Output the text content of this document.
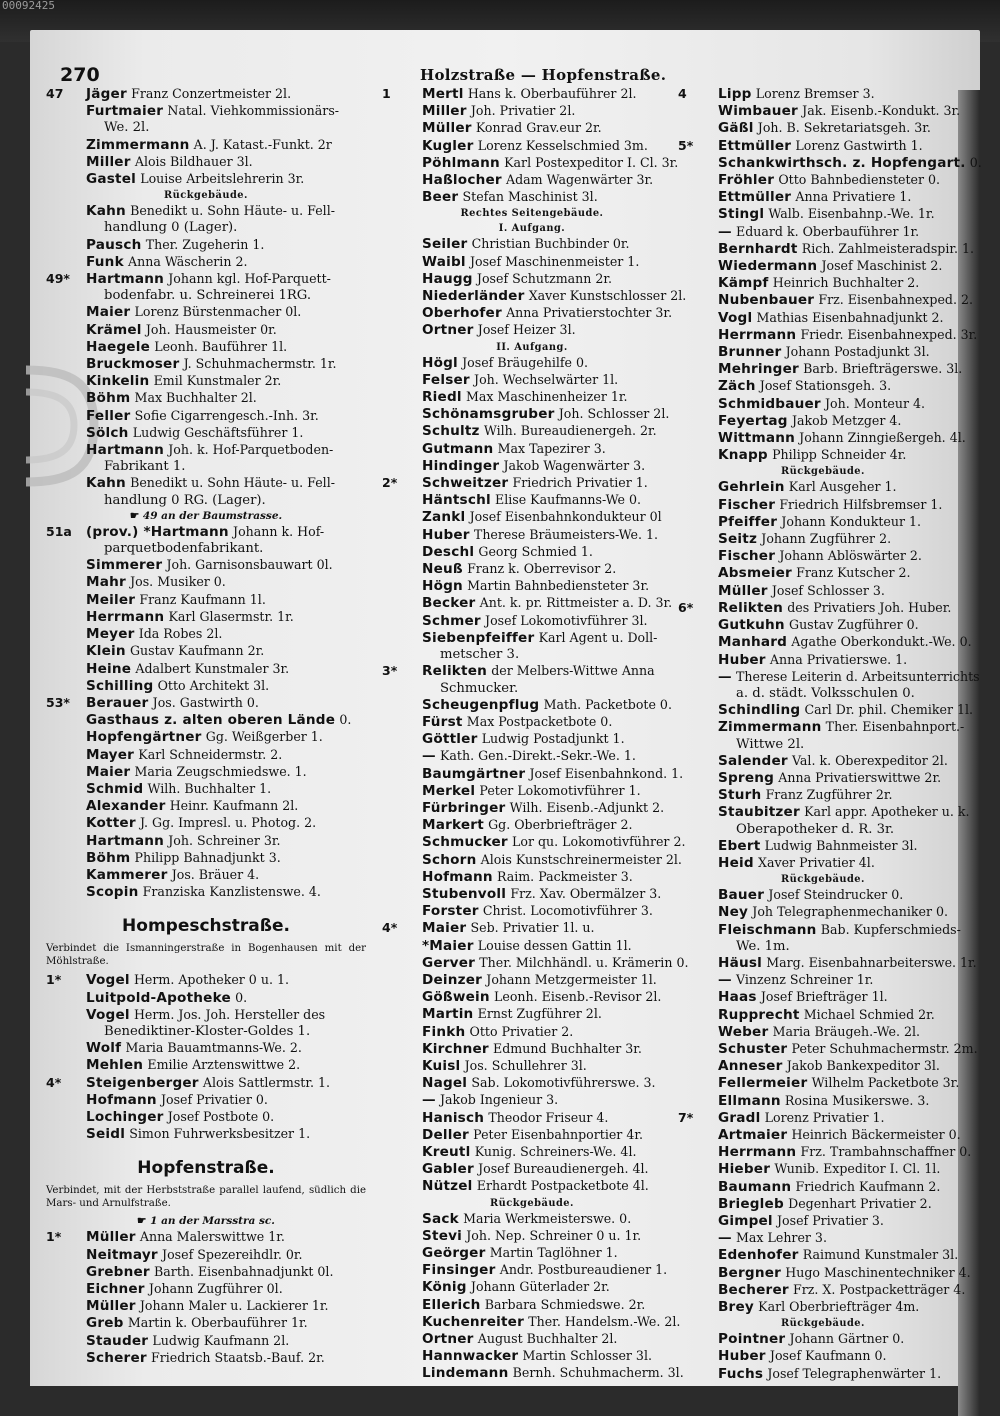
00092425
270	Holzstraße — Hopfenstraße.
47Jäger Franz Conzertmeister 2l.
Furtmaier Natal. Viehkommissionärs-
We. 2l.
Zimmermann A. J. Katast.-Funkt. 2r
Miller Alois Bildhauer 3l.
Gastel Louise Arbeitslehrerin 3r.
Rückgebäude.
Kahn Benedikt u. Sohn Häute- u. Fell-
handlung 0 (Lager).
Pausch Ther. Zugeherin 1.
Funk Anna Wäscherin 2.
49*Hartmann Johann kgl. Hof-Parquett-
bodenfabr. u. Schreinerei 1RG.
Maier Lorenz Bürstenmacher 0l.
Krämel Joh. Hausmeister 0r.
Haegele Leonh. Bauführer 1l.
Bruckmoser J. Schuhmachermstr. 1r.
Kinkelin Emil Kunstmaler 2r.
Böhm Max Buchhalter 2l.
Feller Sofie Cigarrengesch.-Inh. 3r.
Sölch Ludwig Geschäftsführer 1.
Hartmann Joh. k. Hof-Parquetboden-
Fabrikant 1.
Kahn Benedikt u. Sohn Häute- u. Fell-
handlung 0 RG. (Lager).
☛ 49 an der Baumstrasse.
51a(prov.) *Hartmann Johann k. Hof-
parquetbodenfabrikant.
Simmerer Joh. Garnisonsbauwart 0l.
Mahr Jos. Musiker 0.
Meiler Franz Kaufmann 1l.
Herrmann Karl Glasermstr. 1r.
Meyer Ida Robes 2l.
Klein Gustav Kaufmann 2r.
Heine Adalbert Kunstmaler 3r.
Schilling Otto Architekt 3l.
53*Berauer Jos. Gastwirth 0.
Gasthaus z. alten oberen Lände 0.
Hopfengärtner Gg. Weißgerber 1.
Mayer Karl Schneidermstr. 2.
Maier Maria Zeugschmiedswe. 1.
Schmid Wilh. Buchhalter 1.
Alexander Heinr. Kaufmann 2l.
Kotter J. Gg. Impresl. u. Photog. 2.
Hartmann Joh. Schreiner 3r.
Böhm Philipp Bahnadjunkt 3.
Kammerer Jos. Bräuer 4.
Scopin Franziska Kanzlistenswe. 4.
Hompeschstraße.
Verbindet die Ismanningerstraße in Bogenhausen mit der Möhlstraße.
1*Vogel Herm. Apotheker 0 u. 1.
Luitpold-Apotheke 0.
Vogel Herm. Jos. Joh. Hersteller des
Benediktiner-Kloster-Goldes 1.
Wolf Maria Bauamtmanns-We. 2.
Mehlen Emilie Arztenswittwe 2.
4*Steigenberger Alois Sattlermstr. 1.
Hofmann Josef Privatier 0.
Lochinger Josef Postbote 0.
Seidl Simon Fuhrwerksbesitzer 1.
Hopfenstraße.
Verbindet, mit der Herbststraße parallel laufend, südlich die Mars- und Arnulfstraße.
☛ 1 an der Marsstra sc.
1*Müller Anna Malerswittwe 1r.
Neitmayr Josef Spezereihdlr. 0r.
Grebner Barth. Eisenbahnadjunkt 0l.
Eichner Johann Zugführer 0l.
Müller Johann Maler u. Lackierer 1r.
Greb Martin k. Oberbauführer 1r.
Stauder Ludwig Kaufmann 2l.
Scherer Friedrich Staatsb.-Bauf. 2r.
1Mertl Hans k. Oberbauführer 2l.
Miller Joh. Privatier 2l.
Müller Konrad Grav.eur 2r.
Kugler Lorenz Kesselschmied 3m.
Pöhlmann Karl Postexpeditor I. Cl. 3r.
Haßlocher Adam Wagenwärter 3r.
Beer Stefan Maschinist 3l.
Rechtes Seitengebäude.
I. Aufgang.
Seiler Christian Buchbinder 0r.
Waibl Josef Maschinenmeister 1.
Haugg Josef Schutzmann 2r.
Niederländer Xaver Kunstschlosser 2l.
Oberhofer Anna Privatierstochter 3r.
Ortner Josef Heizer 3l.
II. Aufgang.
Högl Josef Bräugehilfe 0.
Felser Joh. Wechselwärter 1l.
Riedl Max Maschinenheizer 1r.
Schönamsgruber Joh. Schlosser 2l.
Schultz Wilh. Bureaudienergeh. 2r.
Gutmann Max Tapezirer 3.
Hindinger Jakob Wagenwärter 3.
2*Schweitzer Friedrich Privatier 1.
Häntschl Elise Kaufmanns-We 0.
Zankl Josef Eisenbahnkondukteur 0l
Huber Therese Bräumeisters-We. 1.
Deschl Georg Schmied 1.
Neuß Franz k. Oberrevisor 2.
Högn Martin Bahnbediensteter 3r.
Becker Ant. k. pr. Rittmeister a. D. 3r.
Schmer Josef Lokomotivführer 3l.
Siebenpfeiffer Karl Agent u. Doll-
metscher 3.
3*Relikten der Melbers-Wittwe Anna
Schmucker.
Scheugenpflug Math. Packetbote 0.
Fürst Max Postpacketbote 0.
Göttler Ludwig Postadjunkt 1.
— Kath. Gen.-Direkt.-Sekr.-We. 1.
Baumgärtner Josef Eisenbahnkond. 1.
Merkel Peter Lokomotivführer 1.
Fürbringer Wilh. Eisenb.-Adjunkt 2.
Markert Gg. Oberbriefträger 2.
Schmucker Lor qu. Lokomotivführer 2.
Schorn Alois Kunstschreinermeister 2l.
Hofmann Raim. Packmeister 3.
Stubenvoll Frz. Xav. Obermälzer 3.
Forster Christ. Locomotivführer 3.
4*Maier Seb. Privatier 1l. u.
*Maier Louise dessen Gattin 1l.
Gerver Ther. Milchhändl. u. Krämerin 0.
Deinzer Johann Metzgermeister 1l.
Gößwein Leonh. Eisenb.-Revisor 2l.
Martin Ernst Zugführer 2l.
Finkh Otto Privatier 2.
Kirchner Edmund Buchhalter 3r.
Kuisl Jos. Schullehrer 3l.
Nagel Sab. Lokomotivführerswe. 3.
— Jakob Ingenieur 3.
Hanisch Theodor Friseur 4.
Deller Peter Eisenbahnportier 4r.
Kreutl Kunig. Schreiners-We. 4l.
Gabler Josef Bureaudienergeh. 4l.
Nützel Erhardt Postpacketbote 4l.
Rückgebäude.
Sack Maria Werkmeisterswe. 0.
Stevi Joh. Nep. Schreiner 0 u. 1r.
Geörger Martin Taglöhner 1.
Finsinger Andr. Postbureaudiener 1.
König Johann Güterlader 2r.
Ellerich Barbara Schmiedswe. 2r.
Kuchenreiter Ther. Handelsm.-We. 2l.
Ortner August Buchhalter 2l.
Hannwacker Martin Schlosser 3l.
Lindemann Bernh. Schuhmacherm. 3l.
4Lipp Lorenz Bremser 3.
Wimbauer Jak. Eisenb.-Kondukt. 3r.
Gäßl Joh. B. Sekretariatsgeh. 3r.
5*Ettmüller Lorenz Gastwirth 1.
Schankwirthsch. z. Hopfengart. 0.
Fröhler Otto Bahnbediensteter 0.
Ettmüller Anna Privatiere 1.
Stingl Walb. Eisenbahnp.-We. 1r.
— Eduard k. Oberbauführer 1r.
Bernhardt Rich. Zahlmeisteradspir. 1.
Wiedermann Josef Maschinist 2.
Kämpf Heinrich Buchhalter 2.
Nubenbauer Frz. Eisenbahnexped. 2.
Vogl Mathias Eisenbahnadjunkt 2.
Herrmann Friedr. Eisenbahnexped. 3r.
Brunner Johann Postadjunkt 3l.
Mehringer Barb. Briefträgerswe. 3l.
Zäch Josef Stationsgeh. 3.
Schmidbauer Joh. Monteur 4.
Feyertag Jakob Metzger 4.
Wittmann Johann Zinngießergeh. 4l.
Knapp Philipp Schneider 4r.
Rückgebäude.
Gehrlein Karl Ausgeher 1.
Fischer Friedrich Hilfsbremser 1.
Pfeiffer Johann Kondukteur 1.
Seitz Johann Zugführer 2.
Fischer Johann Ablöswärter 2.
Absmeier Franz Kutscher 2.
Müller Josef Schlosser 3.
6*Relikten des Privatiers Joh. Huber.
Gutkuhn Gustav Zugführer 0.
Manhard Agathe Oberkondukt.-We. 0.
Huber Anna Privatierswe. 1.
— Therese Leiterin d. Arbeitsunterrichts
a. d. städt. Volksschulen 0.
Schindling Carl Dr. phil. Chemiker 1l.
Zimmermann Ther. Eisenbahnport.-
Wittwe 2l.
Salender Val. k. Oberexpeditor 2l.
Spreng Anna Privatierswittwe 2r.
Sturh Franz Zugführer 2r.
Staubitzer Karl appr. Apotheker u. k.
Oberapotheker d. R. 3r.
Ebert Ludwig Bahnmeister 3l.
Heid Xaver Privatier 4l.
Rückgebäude.
Bauer Josef Steindrucker 0.
Ney Joh Telegraphenmechaniker 0.
Fleischmann Bab. Kupferschmieds-
We. 1m.
Häusl Marg. Eisenbahnarbeiterswe. 1r.
— Vinzenz Schreiner 1r.
Haas Josef Briefträger 1l.
Rupprecht Michael Schmied 2r.
Weber Maria Bräugeh.-We. 2l.
Schuster Peter Schuhmachermstr. 2m.
Anneser Jakob Bankexpeditor 3l.
Fellermeier Wilhelm Packetbote 3r.
Ellmann Rosina Musikerswe. 3.
7*Gradl Lorenz Privatier 1.
Artmaier Heinrich Bäckermeister 0.
Herrmann Frz. Trambahnschaffner 0.
Hieber Wunib. Expeditor I. Cl. 1l.
Baumann Friedrich Kaufmann 2.
Briegleb Degenhart Privatier 2.
Gimpel Josef Privatier 3.
— Max Lehrer 3.
Edenhofer Raimund Kunstmaler 3l.
Bergner Hugo Maschinentechniker 4.
Becherer Frz. X. Postpacketträger 4.
Brey Karl Oberbriefträger 4m.
Rückgebäude.
Pointner Johann Gärtner 0.
Huber Josef Kaufmann 0.
Fuchs Josef Telegraphenwärter 1.
